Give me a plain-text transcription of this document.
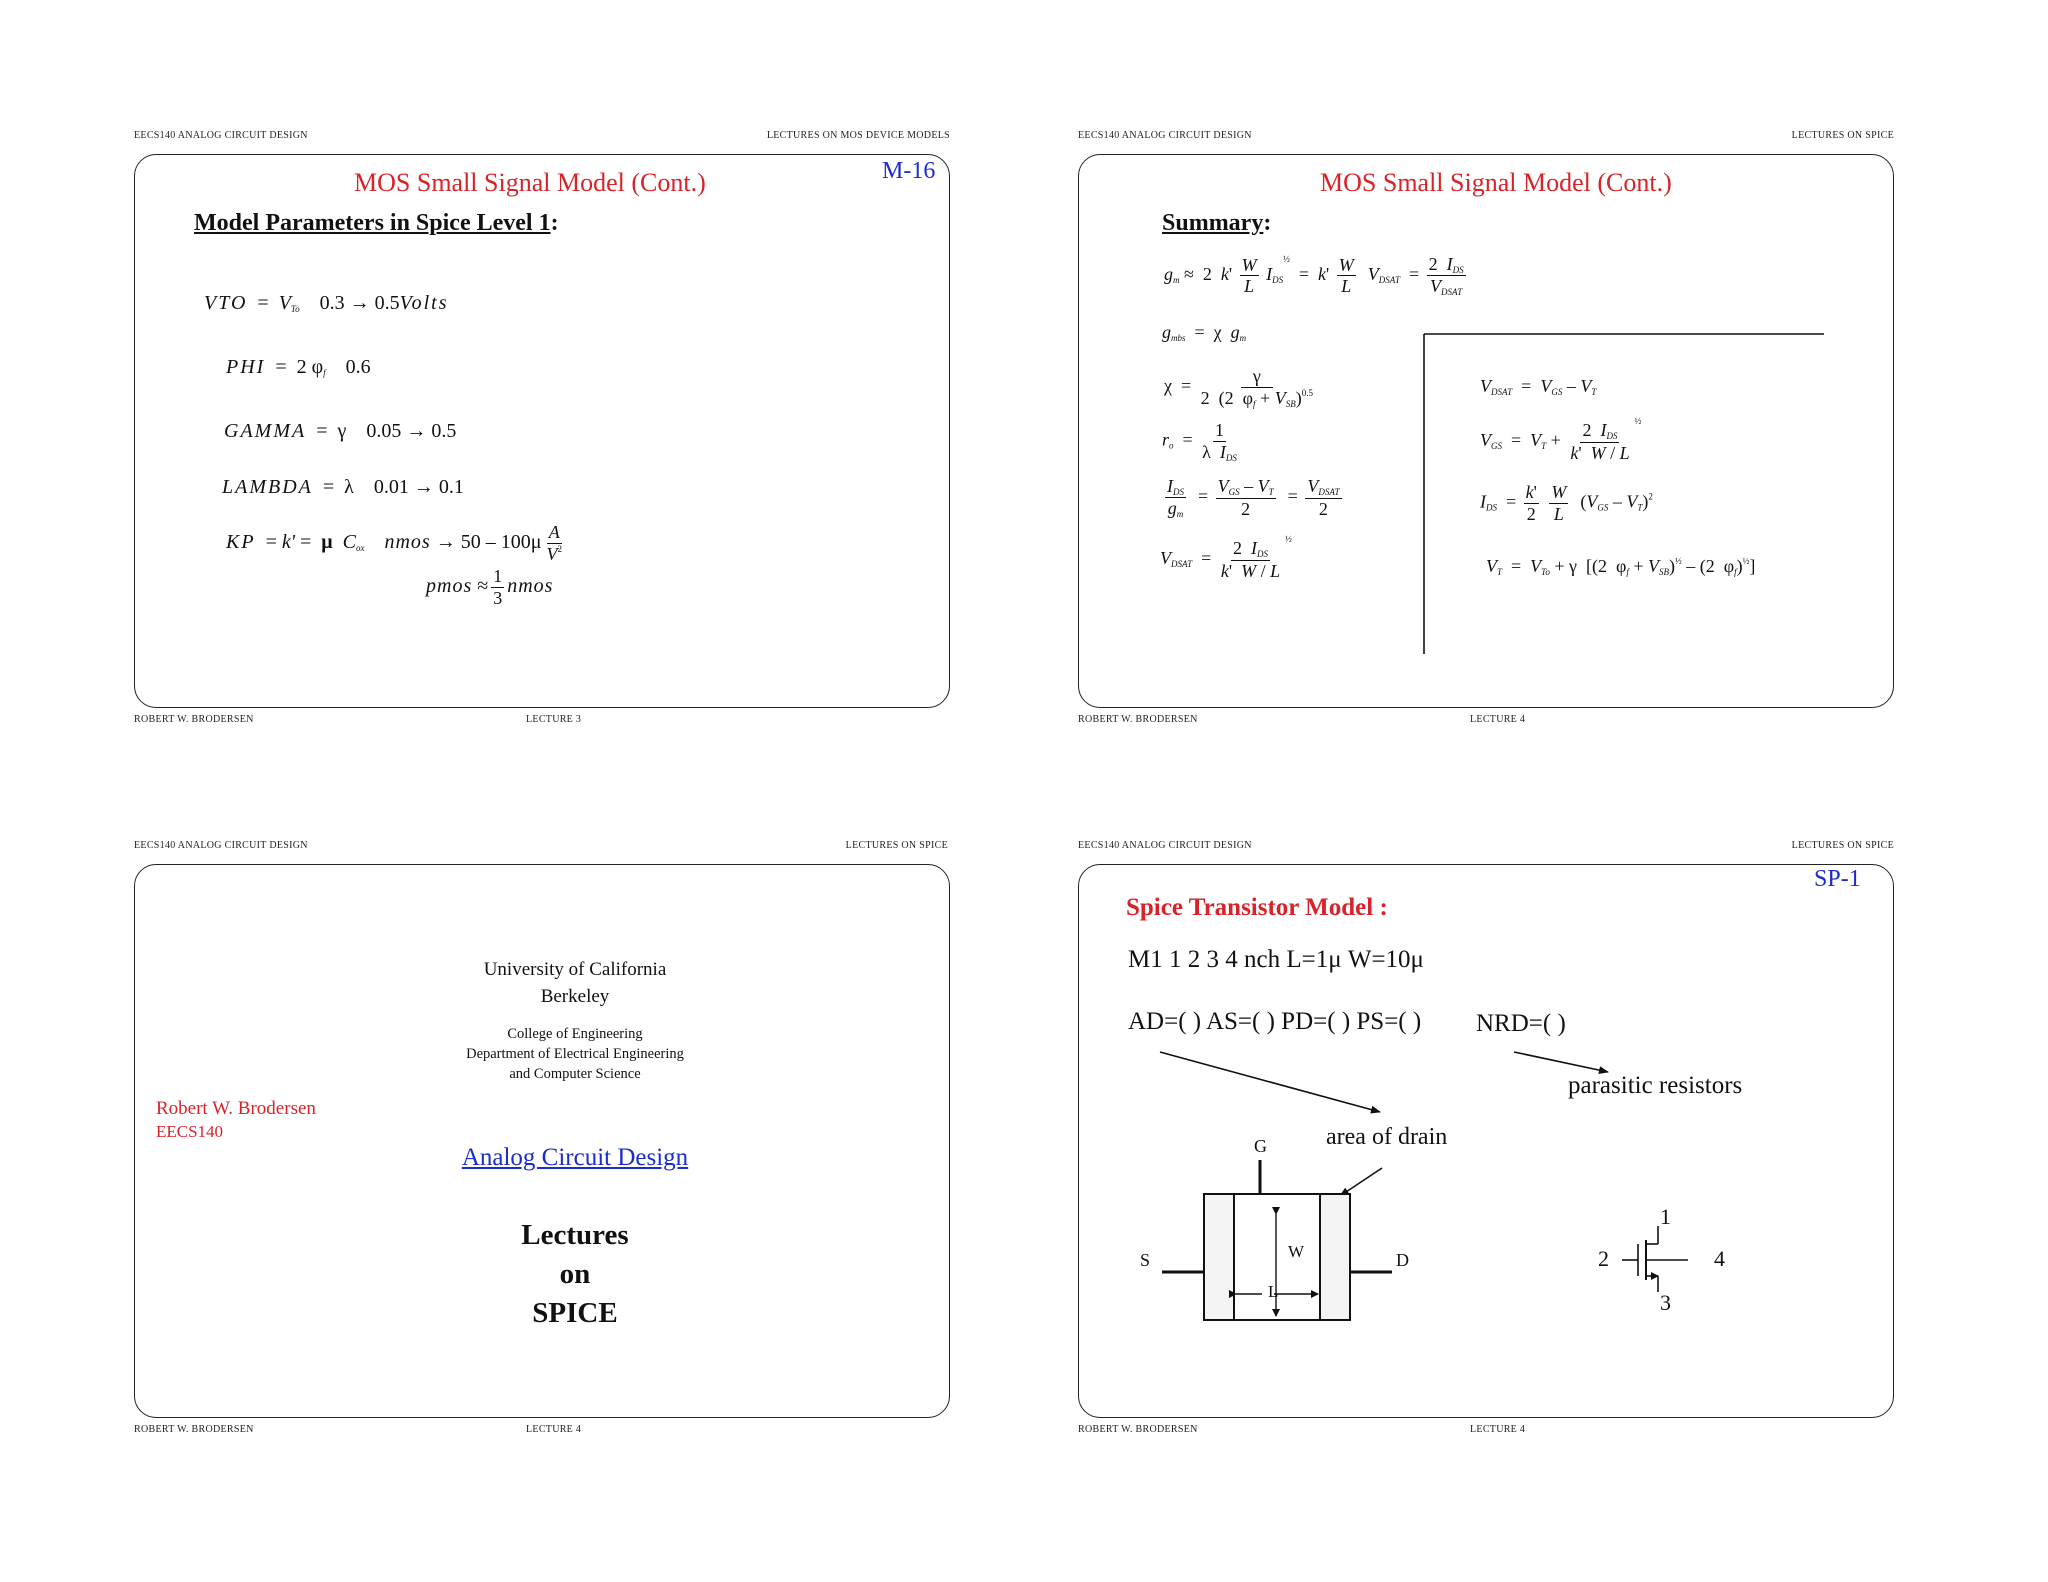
EECS140 ANALOG CIRCUIT DESIGN	LECTURES ON MOS DEVICE MODELS
MOS Small Signal Model (Cont.)	M-16
Model Parameters in Spice Level 1:
VTO  =  $V_{To}$ 0.3 → 0.5Volts
PHI  =  2 $\varphi_f$ 0.6
GAMMA  =  γ 0.05 → 0.5
LAMBDA  =  λ 0.01 → 0.1
KP  = k' =  μ $C_{ox}$ nmos → $50 - 100\mu \frac{A}{V^2}$
pmos ≈ $\frac{1}{3}$ nmos
ROBERT W. BRODERSEN	LECTURE 3
EECS140 ANALOG CIRCUIT DESIGN	LECTURES ON SPICE
MOS Small Signal Model (Cont.)
Summary:
$g_m \approx 2$  $k' \frac{W}{L} I_{DS}^{\frac{1}{2}} = k' \frac{W}{L} V_{DSAT} = \frac{2 I_{DS}}{V_{DSAT}}$
$g_{mbs} = \chi$  $g_m$
$\chi = \frac{\gamma}{2 (2 \varphi_f + V_{SB})^{0.5}}$
$r_o = \frac{1}{\lambda I_{DS}}$
$\frac{I_{DS}}{g_m} = \frac{V_{GS} - V_T}{2} = \frac{V_{DSAT}}{2}$
$V_{DSAT} = \frac{2 I_{DS}}{k' W / L} ^{\frac{1}{2}}$
$V_{DSAT} = V_{GS} - V_T$
$V_{GS} = V_T + \frac{2 I_{DS}}{k' W / L} ^{\frac{1}{2}}$
$I_{DS} = \frac{k'}{2}$
$\frac{W}{L} (V_{GS} - V_T)^2$
$V_T = V_{To} + \gamma$  [(2  $\varphi_f + V_{SB})^{\frac{1}{2}} - (2$  $\varphi_f)^{\frac{1}{2}}$]
ROBERT W. BRODERSEN	LECTURE 4
EECS140 ANALOG CIRCUIT DESIGN	LECTURES ON SPICE
University of California
Berkeley
College of Engineering
Department of Electrical Engineering
and Computer Science
Robert W. Brodersen
EECS140
Analog Circuit Design
Lectures
on
SPICE
ROBERT W. BRODERSEN	LECTURE 4
EECS140 ANALOG CIRCUIT DESIGN	LECTURES ON SPICE
SP-1
Spice Transistor Model :
M1 1 2 3 4 nch L=1μ W=10μ
AD=( ) AS=( ) PD=( ) PS=( ) NRD=( )
parasitic resistors
area of drain
G
S	D
W
L
1
2	4
3
ROBERT W. BRODERSEN	LECTURE 4
